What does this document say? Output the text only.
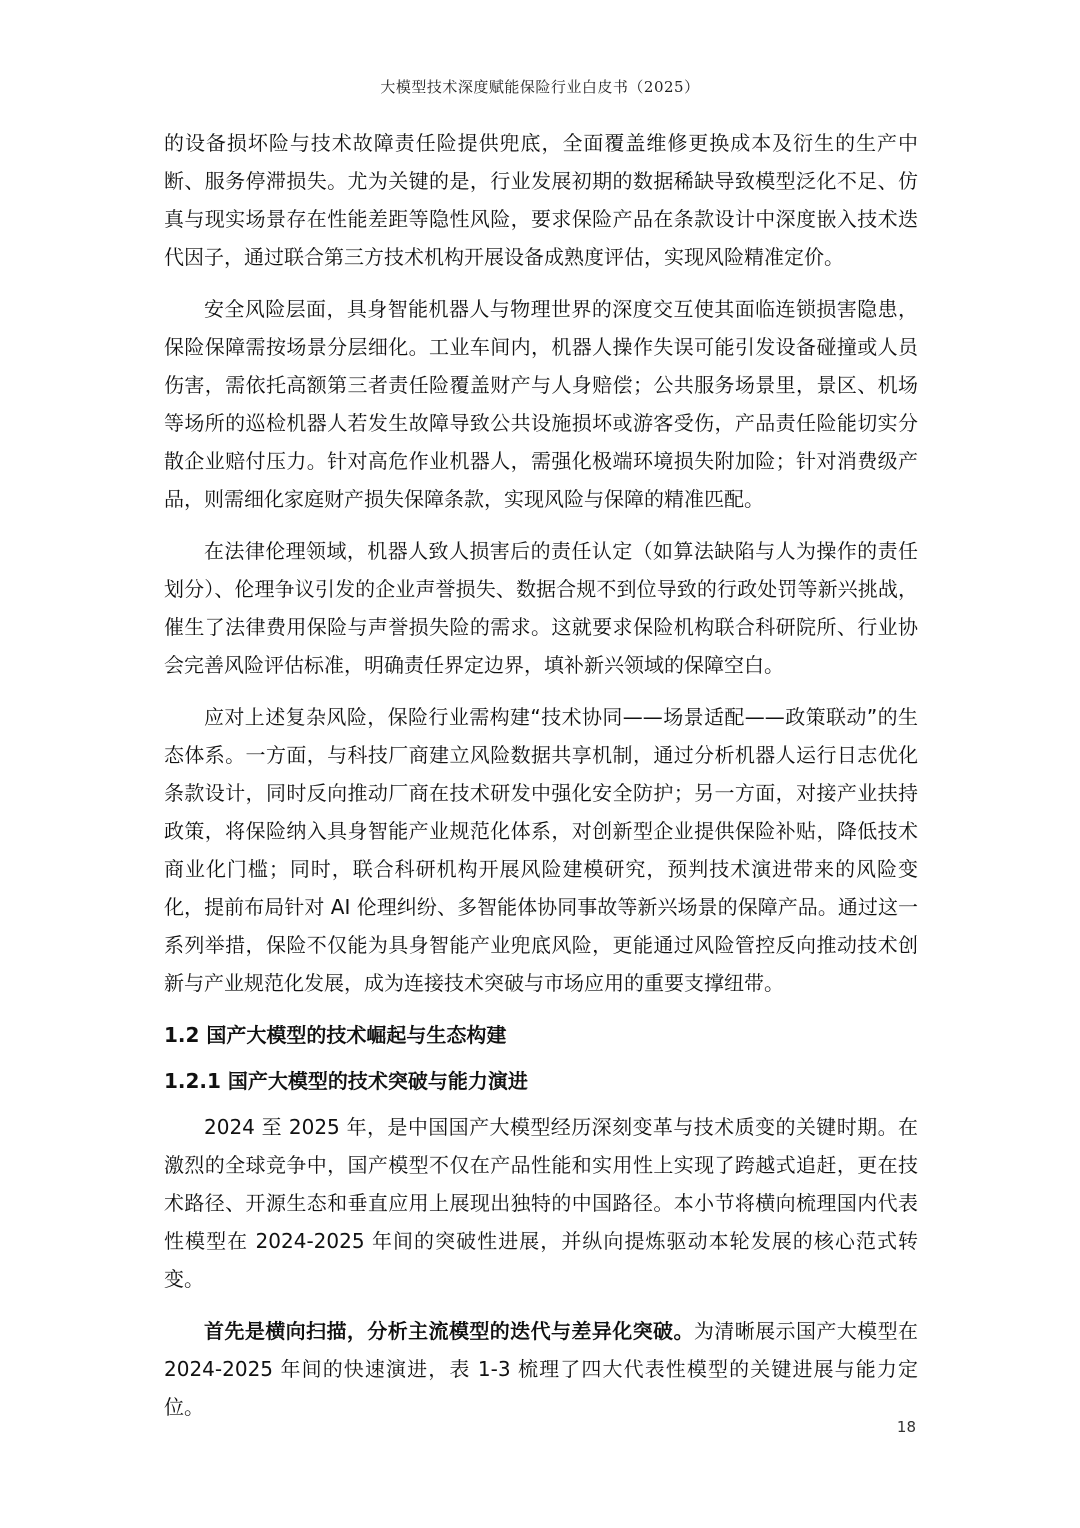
大模型技术深度赋能保险行业白皮书（2025）

的设备损坏险与技术故障责任险提供兜底，全面覆盖维修更换成本及衍生的生产中断、服务停滞损失。尤为关键的是，行业发展初期的数据稀缺导致模型泛化不足、仿真与现实场景存在性能差距等隐性风险，要求保险产品在条款设计中深度嵌入技术迭代因子，通过联合第三方技术机构开展设备成熟度评估，实现风险精准定价。

安全风险层面，具身智能机器人与物理世界的深度交互使其面临连锁损害隐患，保险保障需按场景分层细化。工业车间内，机器人操作失误可能引发设备碰撞或人员伤害，需依托高额第三者责任险覆盖财产与人身赔偿；公共服务场景里，景区、机场等场所的巡检机器人若发生故障导致公共设施损坏或游客受伤，产品责任险能切实分散企业赔付压力。针对高危作业机器人，需强化极端环境损失附加险；针对消费级产品，则需细化家庭财产损失保障条款，实现风险与保障的精准匹配。

在法律伦理领域，机器人致人损害后的责任认定（如算法缺陷与人为操作的责任划分）、伦理争议引发的企业声誉损失、数据合规不到位导致的行政处罚等新兴挑战，催生了法律费用保险与声誉损失险的需求。这就要求保险机构联合科研院所、行业协会完善风险评估标准，明确责任界定边界，填补新兴领域的保障空白。

应对上述复杂风险，保险行业需构建“技术协同——场景适配——政策联动”的生态体系。一方面，与科技厂商建立风险数据共享机制，通过分析机器人运行日志优化条款设计，同时反向推动厂商在技术研发中强化安全防护；另一方面，对接产业扶持政策，将保险纳入具身智能产业规范化体系，对创新型企业提供保险补贴，降低技术商业化门槛；同时，联合科研机构开展风险建模研究，预判技术演进带来的风险变化，提前布局针对 AI 伦理纠纷、多智能体协同事故等新兴场景的保障产品。通过这一系列举措，保险不仅能为具身智能产业兜底风险，更能通过风险管控反向推动技术创新与产业规范化发展，成为连接技术突破与市场应用的重要支撑纽带。

1.2 国产大模型的技术崛起与生态构建
1.2.1 国产大模型的技术突破与能力演进

2024 至 2025 年，是中国国产大模型经历深刻变革与技术质变的关键时期。在激烈的全球竞争中，国产模型不仅在产品性能和实用性上实现了跨越式追赶，更在技术路径、开源生态和垂直应用上展现出独特的中国路径。本小节将横向梳理国内代表性模型在 2024-2025 年间的突破性进展，并纵向提炼驱动本轮发展的核心范式转变。

首先是横向扫描，分析主流模型的迭代与差异化突破。为清晰展示国产大模型在 2024-2025 年间的快速演进，表 1-3 梳理了四大代表性模型的关键进展与能力定位。

18
